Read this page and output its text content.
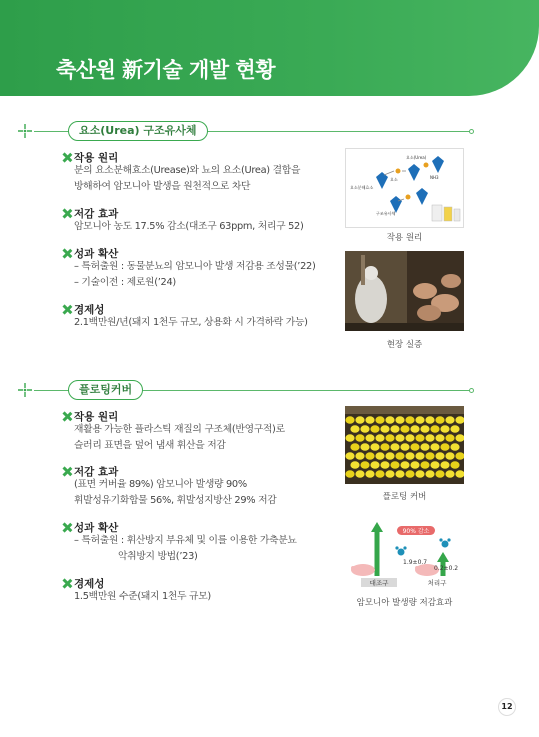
축산원 新기술 개발 현황
요소(Urea) 구조유사체
작용 원리
분의 요소분해효소(Urease)와 뇨의 요소(Urea) 결합을
방해하여 암모니아 발생을 원천적으로 차단
저감 효과
암모니아 농도 17.5% 감소(대조구 63ppm, 처리구 52)
성과 확산
– 특허출원 : 동물분뇨의 암모니아 발생 저감용 조성물(’22)
– 기술이전 : 제로원(’24)
경제성
2.1백만원/년(돼지 1천두 규모, 상용화 시 가격하락 가능)
요소(Urea)
요소분해효소
요소	NH3
구조유사체
작용 원리
현장 실증
플로팅커버
작용 원리
재활용 가능한 플라스틱 재질의 구조체(반영구적)로
슬러리 표면을 덮어 냄새 휘산을 저감
저감 효과
(표면 커버율 89%) 암모니아 발생량 90%
휘발성유기화합물 56%, 휘발성지방산 29% 저감
성과 확산
– 특허출원 : 휘산방지 부유체 및 이를 이용한 가축분뇨
악취방지 방법(’23)
경제성
1.5백만원 수준(돼지 1천두 규모)
플로팅 커버
90% 감소
1.9±0.7
0.2±0.2
대조구	처리구
암모니아 발생량 저감효과
12
